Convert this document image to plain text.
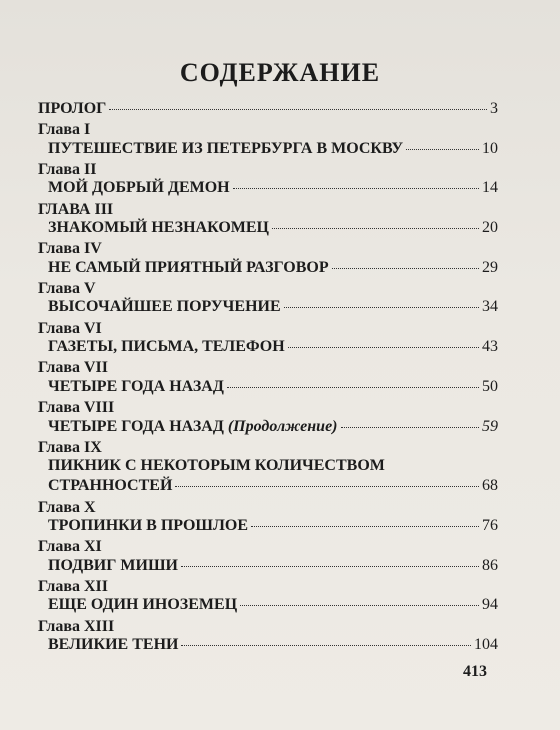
СОДЕРЖАНИЕ
ПРОЛОГ	3
Глава I
ПУТЕШЕСТВИЕ ИЗ ПЕТЕРБУРГА В МОСКВУ	10
Глава II
МОЙ ДОБРЫЙ ДЕМОН	14
ГЛАВА III
ЗНАКОМЫЙ НЕЗНАКОМЕЦ	20
Глава IV
НЕ САМЫЙ ПРИЯТНЫЙ РАЗГОВОР	29
Глава V
ВЫСОЧАЙШЕЕ ПОРУЧЕНИЕ	34
Глава VI
ГАЗЕТЫ, ПИСЬМА, ТЕЛЕФОН	43
Глава VII
ЧЕТЫРЕ ГОДА НАЗАД	50
Глава VIII
ЧЕТЫРЕ ГОДА НАЗАД
(Продолжение)	59
Глава IX
ПИКНИК С НЕКОТОРЫМ КОЛИЧЕСТВОМ
СТРАННОСТЕЙ	68
Глава X
ТРОПИНКИ В ПРОШЛОЕ	76
Глава XI
ПОДВИГ МИШИ	86
Глава XII
ЕЩЕ ОДИН ИНОЗЕМЕЦ	94
Глава XIII
ВЕЛИКИЕ ТЕНИ	104
413
